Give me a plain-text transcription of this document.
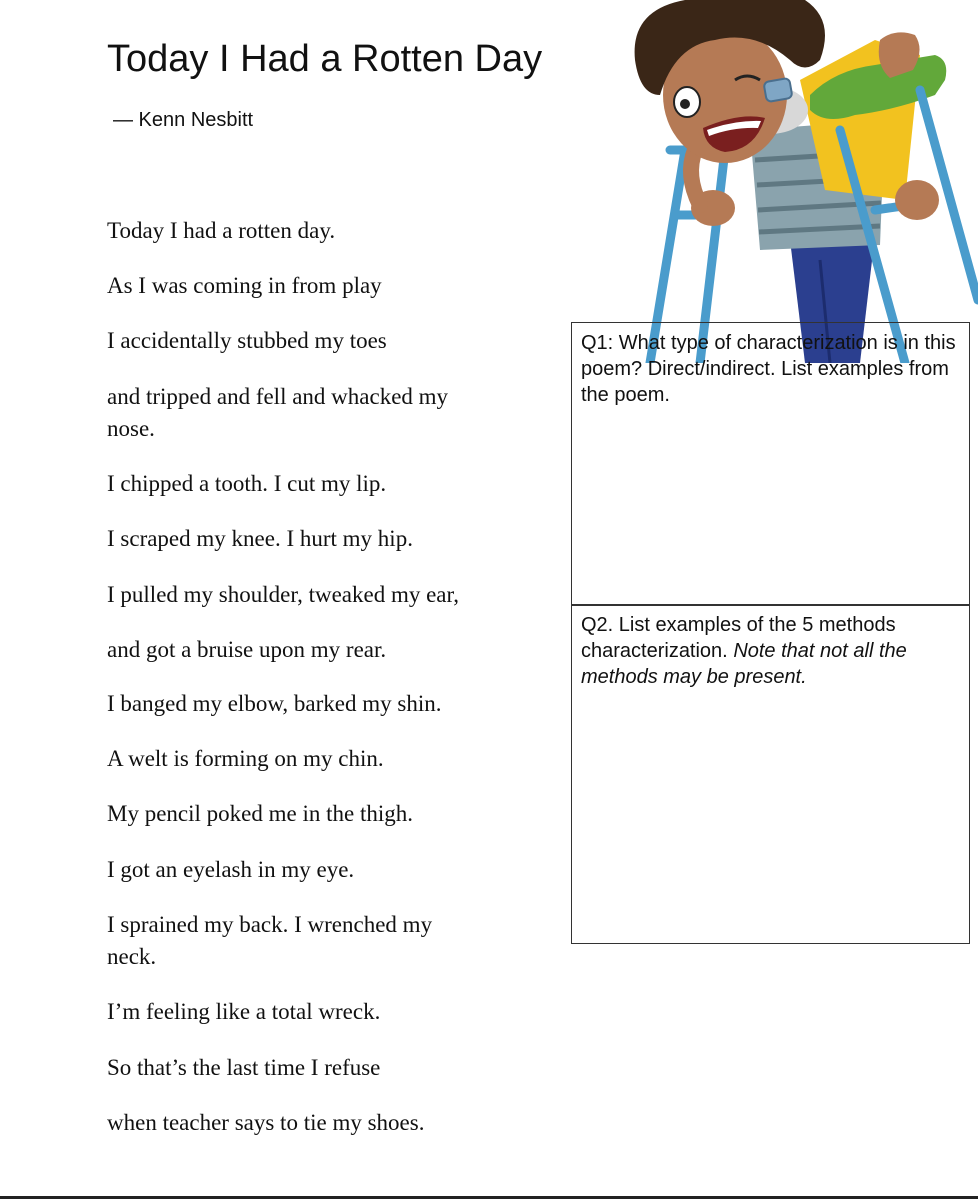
Today I Had a Rotten Day
— Kenn Nesbitt
Today I had a rotten day.
As I was coming in from play
I accidentally stubbed my toes
and tripped and fell and whacked my nose.
I chipped a tooth. I cut my lip.
I scraped my knee. I hurt my hip.
I pulled my shoulder, tweaked my ear,
and got a bruise upon my rear.
I banged my elbow, barked my shin.
A welt is forming on my chin.
My pencil poked me in the thigh.
I got an eyelash in my eye.
I sprained my back. I wrenched my neck.
I’m feeling like a total wreck.
So that’s the last time I refuse
when teacher says to tie my shoes.
Q1: What type of characterization is in this poem? Direct/indirect. List examples from the poem.
Q2. List examples of the 5 methods characterization. Note that not all the methods may be present.
